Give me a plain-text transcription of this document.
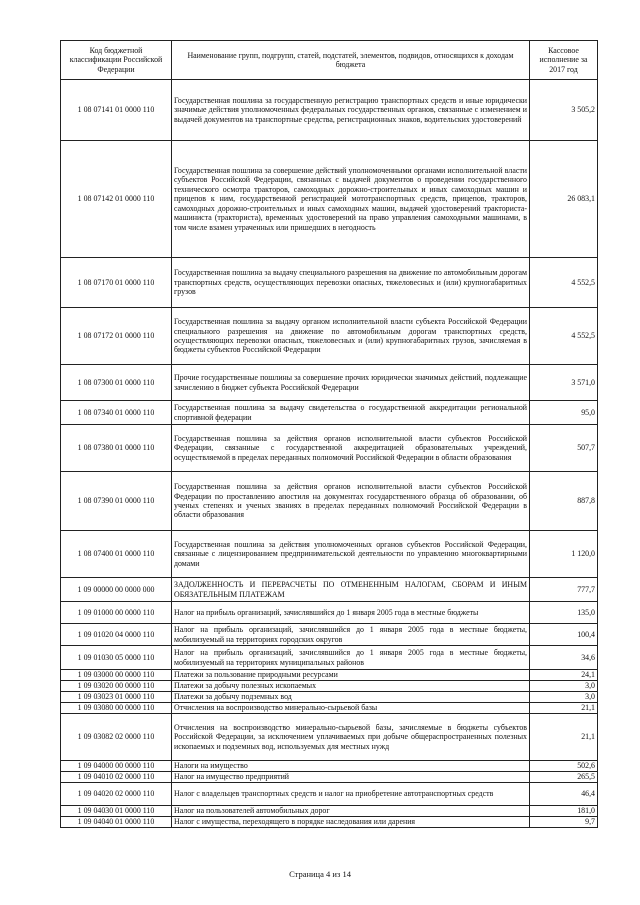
Код бюджетной классификации Российской Федерации	Наименование групп, подгрупп, статей, подстатей, элементов, подвидов, относящихся к доходам бюджета	Кассовое исполнение за 2017 год
1 08 07141 01 0000 110	Государственная пошлина за государственную регистрацию транспортных средств и иные юридически значимые действия уполномоченных федеральных государственных органов, связанные с изменением и выдачей документов на транспортные средства, регистрационных знаков, водительских удостоверений	3 505,2
1 08 07142 01 0000 110	Государственная пошлина за совершение действий уполномоченными органами исполнительной власти субъектов Российской Федерации, связанных с выдачей документов о проведении государственного технического осмотра тракторов, самоходных дорожно-строительных и иных самоходных машин и прицепов к ним, государственной регистрацией мототранспортных средств, прицепов, тракторов, самоходных дорожно-строительных и иных самоходных машин, выдачей удостоверений тракториста-машиниста (тракториста), временных удостоверений на право управления самоходными машинами, в том числе взамен утраченных или пришедших в негодность	26 083,1
1 08 07170 01 0000 110	Государственная пошлина за выдачу специального разрешения на движение по автомобильным дорогам транспортных средств, осуществляющих перевозки опасных, тяжеловесных и (или) крупногабаритных грузов	4 552,5
1 08 07172 01 0000 110	Государственная пошлина за выдачу органом исполнительной власти субъекта Российской Федерации специального разрешения на движение по автомобильным дорогам транспортных средств, осуществляющих перевозки опасных, тяжеловесных и (или) крупногабаритных грузов, зачисляемая в бюджеты субъектов Российской Федерации	4 552,5
1 08 07300 01 0000 110	Прочие государственные пошлины за совершение прочих юридически значимых действий, подлежащие зачислению в бюджет субъекта Российской Федерации	3 571,0
1 08 07340 01 0000 110	Государственная пошлина за выдачу свидетельства о государственной аккредитации региональной спортивной федерации	95,0
1 08 07380 01 0000 110	Государственная пошлина за действия органов исполнительной власти субъектов Российской Федерации, связанные с государственной аккредитацией образовательных учреждений, осуществляемой в пределах переданных полномочий Российской Федерации в области образования	507,7
1 08 07390 01 0000 110	Государственная пошлина за действия органов исполнительной власти субъектов Российской Федерации по проставлению апостиля на документах государственного образца об образовании, об ученых степенях и ученых званиях в пределах переданных полномочий Российской Федерации в области образования	887,8
1 08 07400 01 0000 110	Государственная пошлина за действия уполномоченных органов субъектов Российской Федерации, связанные с лицензированием предпринимательской деятельности по управлению многоквартирными домами	1 120,0
1 09 00000 00 0000 000	ЗАДОЛЖЕННОСТЬ И ПЕРЕРАСЧЕТЫ ПО ОТМЕНЕННЫМ НАЛОГАМ, СБОРАМ И ИНЫМ ОБЯЗАТЕЛЬНЫМ ПЛАТЕЖАМ	777,7
1 09 01000 00 0000 110	Налог на прибыль организаций, зачислявшийся до 1 января 2005 года в местные бюджеты	135,0
1 09 01020 04 0000 110	Налог на прибыль организаций, зачислявшийся до 1 января 2005 года в местные бюджеты, мобилизуемый на территориях городских округов	100,4
1 09 01030 05 0000 110	Налог на прибыль организаций, зачислявшийся до 1 января 2005 года в местные бюджеты, мобилизуемый на территориях муниципальных районов	34,6
1 09 03000 00 0000 110	Платежи за пользование природными ресурсами	24,1
1 09 03020 00 0000 110	Платежи за добычу полезных ископаемых	3,0
1 09 03023 01 0000 110	Платежи за добычу подземных вод	3,0
1 09 03080 00 0000 110	Отчисления на воспроизводство минерально-сырьевой базы	21,1
1 09 03082 02 0000 110	Отчисления на воспроизводство минерально-сырьевой базы, зачисляемые в бюджеты субъектов Российской Федерации, за исключением уплачиваемых при добыче общераспространенных полезных ископаемых и подземных вод, используемых для местных нужд	21,1
1 09 04000 00 0000 110	Налоги на имущество	502,6
1 09 04010 02 0000 110	Налог на имущество предприятий	265,5
1 09 04020 02 0000 110	Налог с владельцев транспортных средств и налог на приобретение автотранспортных средств	46,4
1 09 04030 01 0000 110	Налог на пользователей автомобильных дорог	181,0
1 09 04040 01 0000 110	Налог с имущества, переходящего в порядке наследования или дарения	9,7
Страница 4 из 14
